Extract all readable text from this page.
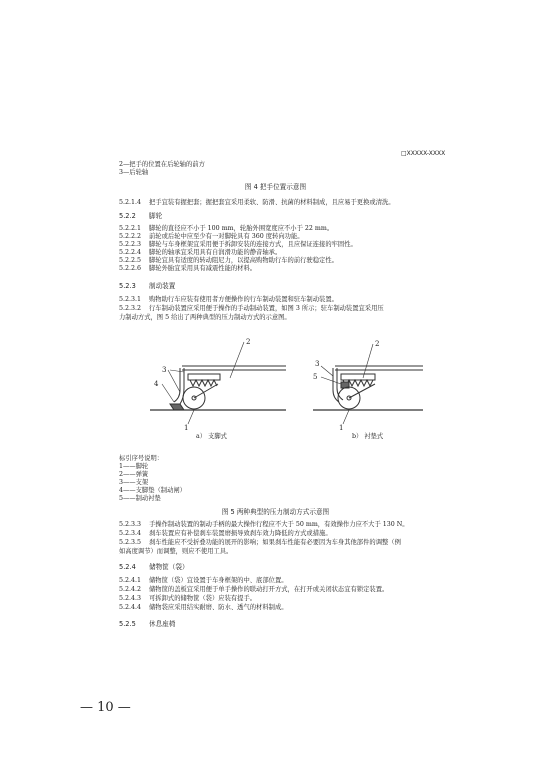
□XXXXX-XXXX
2—把手的位置在后轮轴的前方
3—后轮轴
图 4 把手位置示意图
5.2.1.4 把手宜装有握把套；握把套宜采用柔软、防滑、抗菌的材料制成，且应易于更换或清洗。
5.2.2 脚轮
5.2.2.1 脚轮的直径应不小于 100 mm，轮胎外围宽度应不小于 22 mm。
5.2.2.2 前轮或后轮中应至少有一对脚轮具有 360 度转向功能。
5.2.2.3 脚轮与车身框架宜采用便于拆卸安装的连接方式，且应保证连接的牢固性。
5.2.2.4 脚轮的轴承宜采用具有自润滑功能的静音轴承。
5.2.2.5 脚轮宜具有适度的转动阻尼力，以提高购物助行车的前行驶稳定性。
5.2.2.6 脚轮外胎宜采用具有减震性能的材料。
5.2.3 制动装置
5.2.3.1 购物助行车应装有使用者方便操作的行车制动装置和驻车制动装置。
5.2.3.2 行车制动装置应采用便于操作的手动制动装置，如图 3 所示；驻车制动装置宜采用压
力制动方式，图 5 给出了两种典型的压力制动方式的示意图。
3
2
4
1
3
2
5
1
a） 支脚式	b） 衬垫式
标引序号说明：
1——脚轮
2——弹簧
3——支架
4——支脚垫（制动闸）
5——制动衬垫
图 5 两种典型的压力制动方式示意图
5.2.3.3 手操作制动装置的制动手柄的最大操作行程应不大于 50 mm，有效操作力应不大于 130 N。
5.2.3.4 刹车装置应有补偿刹车装置磨损导致刹车效力降低的方式或措施。
5.2.3.5 刹车性能应不受折叠功能的展开的影响；如果刹车性能有必要因为车身其他部件的调整（例
如高度调节）而调整，则应不使用工具。
5.2.4 储物筐（袋）
5.2.4.1 储物筐（袋）宜设置于车身框架的中、底部位置。
5.2.4.2 储物筐的盖板宜采用便于单手操作的联动打开方式，在打开或关闭状态宜有锁定装置。
5.2.4.3 可拆卸式的储物筐（袋）应装有提手。
5.2.4.4 储物袋应采用结实耐磨、防水、透气的材料制成。
5.2.5 休息座椅
— 10 —
